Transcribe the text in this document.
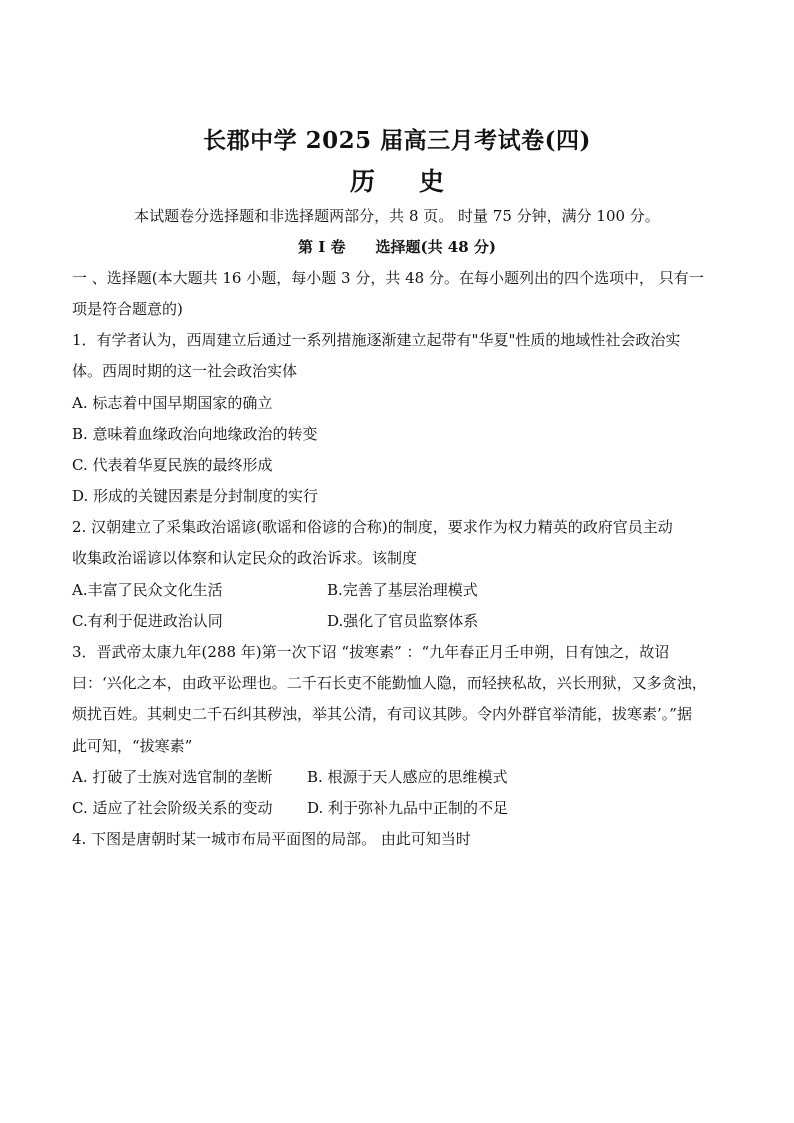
长郡中学 2025 届高三月考试卷(四)
历 史
本试题卷分选择题和非选择题两部分，共 8 页。 时量 75 分钟，满分 100 分。
第 I 卷 选择题(共 48 分)
一 、选择题(本大题共 16 小题，每小题 3 分，共 48 分。在每小题列出的四个选项中， 只有一
项是符合题意的)
1．有学者认为，西周建立后通过一系列措施逐渐建立起带有"华夏"性质的地域性社会政治实
体。西周时期的这一社会政治实体
A. 标志着中国早期国家的确立
B. 意味着血缘政治向地缘政治的转变
C. 代表着华夏民族的最终形成
D. 形成的关键因素是分封制度的实行
2. 汉朝建立了采集政治谣谚(歌谣和俗谚的合称)的制度，要求作为权力精英的政府官员主动
收集政治谣谚以体察和认定民众的政治诉求。该制度
A.丰富了民众文化生活	B.完善了基层治理模式
C.有利于促进政治认同	D.强化了官员监察体系
3．晋武帝太康九年(288 年)第一次下诏 “拔寒素” ：“九年春正月壬申朔，日有蚀之，故诏
曰：‘兴化之本，由政平讼理也。二千石长吏不能勤恤人隐，而轻挟私故，兴长刑狱，又多贪浊，
烦扰百姓。其刺史二千石纠其秽浊，举其公清，有司议其陟。令内外群官举清能，拔寒素’。”据
此可知，“拔寒素”
A. 打破了士族对选官制的垄断 B. 根源于天人感应的思维模式
C. 适应了社会阶级关系的变动 D. 利于弥补九品中正制的不足
4. 下图是唐朝时某一城市布局平面图的局部。 由此可知当时
